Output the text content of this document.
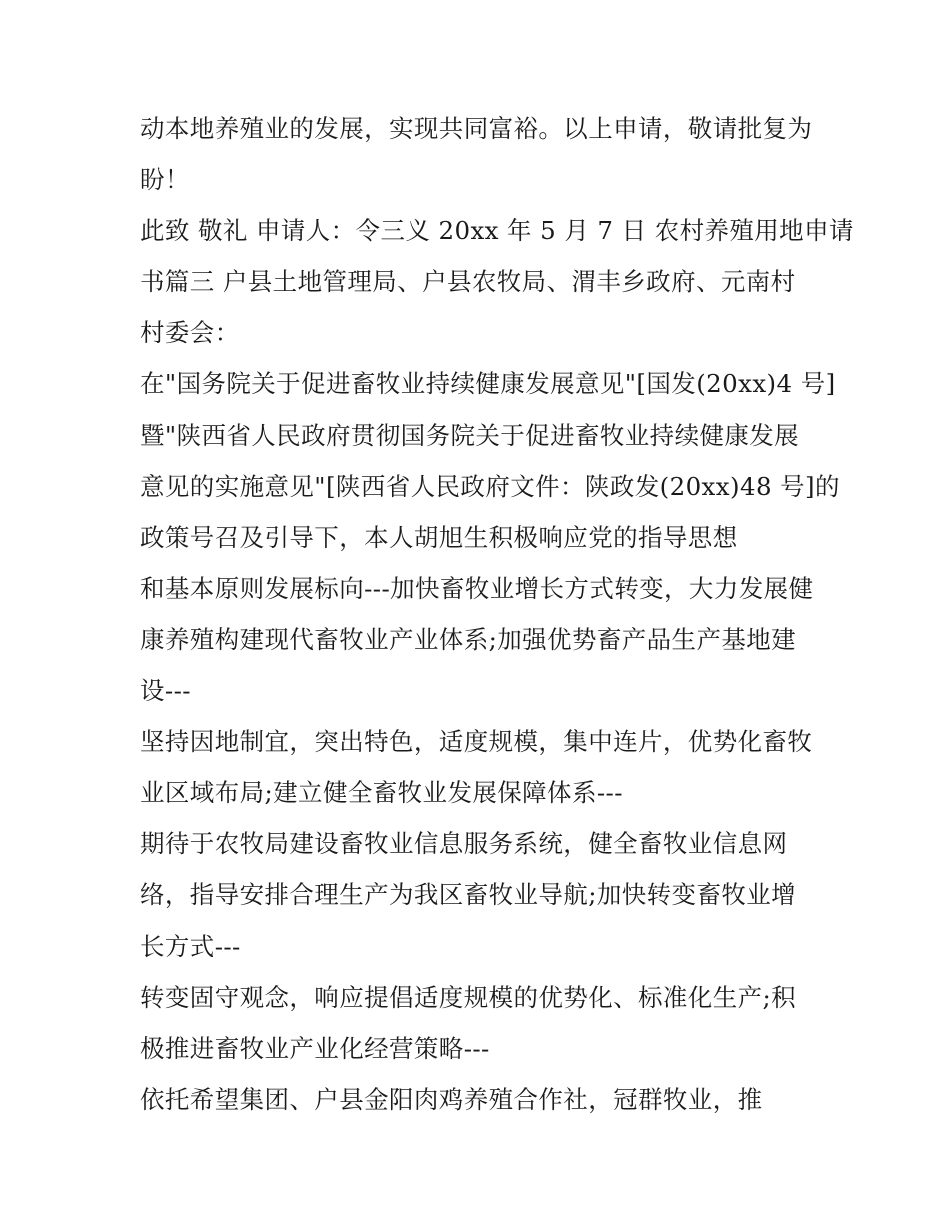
动本地养殖业的发展，实现共同富裕。以上申请，敬请批复为
盼！
此致 敬礼 申请人：令三义 20xx 年 5 月 7 日 农村养殖用地申请
书篇三 户县土地管理局、户县农牧局、渭丰乡政府、元南村
村委会：
在"国务院关于促进畜牧业持续健康发展意见"[国发(20xx)4 号]
暨"陕西省人民政府贯彻国务院关于促进畜牧业持续健康发展
意见的实施意见"[陕西省人民政府文件：陕政发(20xx)48 号]的
政策号召及引导下，本人胡旭生积极响应党的指导思想
和基本原则发展标向---加快畜牧业增长方式转变，大力发展健
康养殖构建现代畜牧业产业体系;加强优势畜产品生产基地建
设---
坚持因地制宜，突出特色，适度规模，集中连片，优势化畜牧
业区域布局;建立健全畜牧业发展保障体系---
期待于农牧局建设畜牧业信息服务系统，健全畜牧业信息网
络，指导安排合理生产为我区畜牧业导航;加快转变畜牧业增
长方式---
转变固守观念，响应提倡适度规模的优势化、标准化生产;积
极推进畜牧业产业化经营策略---
依托希望集团、户县金阳肉鸡养殖合作社，冠群牧业，推
